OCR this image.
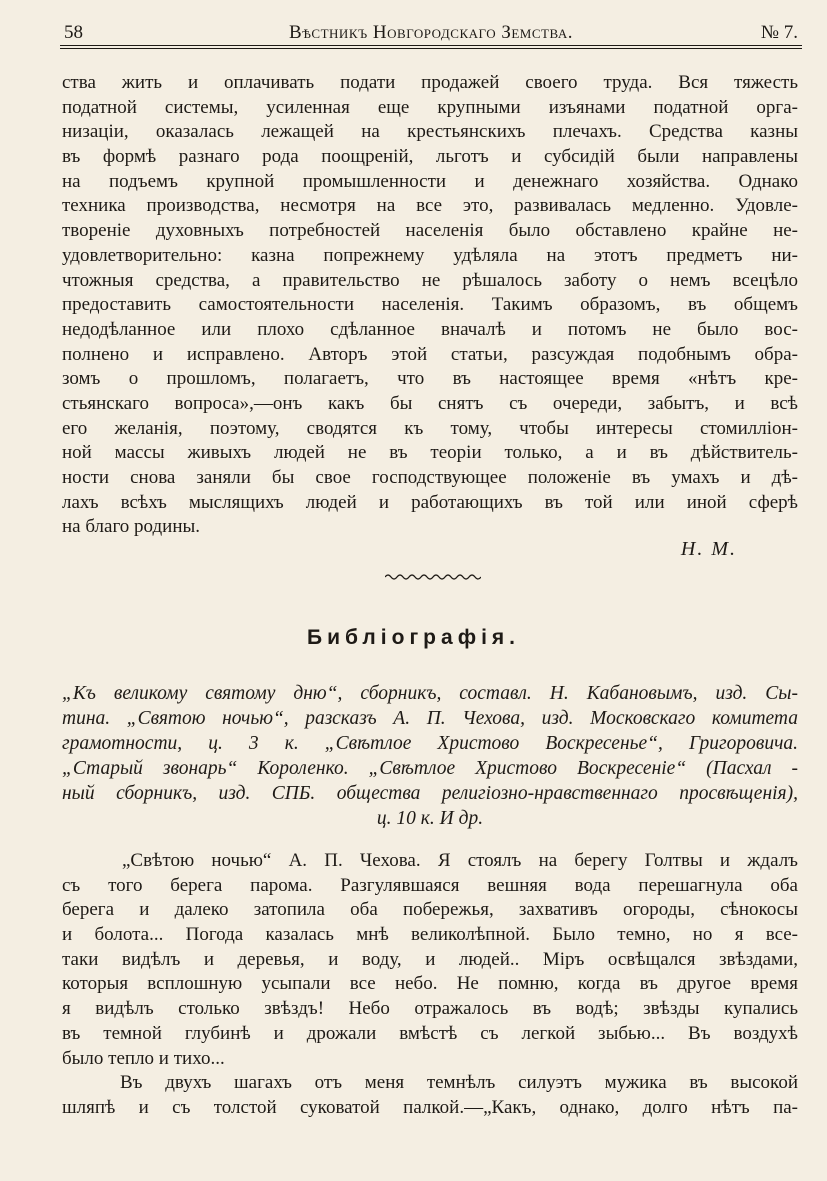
58	Вѣстникъ Новгородскаго Земства.	№ 7.
ства жить и оплачивать подати продажей своего труда. Вся тяжесть
податной системы, усиленная еще крупными изъянами податной орга-
низацiи, оказалась лежащей на крестьянскихъ плечахъ. Средства казны
въ формѣ разнаго рода поощренiй, льготъ и субсидiй были направлены
на подъемъ крупной промышленности и денежнаго хозяйства. Однако
техника производства, несмотря на все это, развивалась медленно. Удовле-
творенiе духовныхъ потребностей населенiя было обставлено крайне не-
удовлетворительно: казна попрежнему удѣляла на этотъ предметъ ни-
чтожныя средства, а правительство не рѣшалось заботу о немъ всецѣло
предоставить самостоятельности населенiя. Такимъ образомъ, въ общемъ
недодѣланное или плохо сдѣланное вначалѣ и потомъ не было вос-
полнено и исправлено. Авторъ этой статьи, разсуждая подобнымъ обра-
зомъ о прошломъ, полагаетъ, что въ настоящее время «нѣтъ кре-
стьянскаго вопроса»,—онъ какъ бы снятъ съ очереди, забытъ, и всѣ
его желанiя, поэтому, сводятся къ тому, чтобы интересы стомиллiон-
ной массы живыхъ людей не въ теорiи только, а и въ дѣйствитель-
ности снова заняли бы свое господствующее положенiе въ умахъ и дѣ-
лахъ всѣхъ мыслящихъ людей и работающихъ въ той или иной сферѣ
на благо родины.
Н. М.
Библiографiя.
„Къ великому святому дню“, сборникъ, составл. Н. Кабановымъ, изд. Сы-
тина. „Святою ночью“, разсказъ А. П. Чехова, изд. Московскаго комитета
грамотности, ц. 3 к. „Свѣтлое Христово Воскресенье“, Григоровича.
„Старый звонарь“ Короленко. „Свѣтлое Христово Воскресенiе“ (Пасхал -
ный сборникъ, изд. СПБ. общества религiозно-нравственнаго просвѣщенiя),
ц. 10 к. И др.
„Свѣтою ночью“ А. П. Чехова. Я стоялъ на берегу Голтвы и ждалъ
съ того берега парома. Разгулявшаяся вешняя вода перешагнула оба
берега и далеко затопила оба побережья, захвативъ огороды, сѣнокосы
и болота... Погода казалась мнѣ великолѣпной. Было темно, но я все-
таки видѣлъ и деревья, и воду, и людей.. Мiръ освѣщался звѣздами,
которыя всплошную усыпали все небо. Не помню, когда въ другое время
я видѣлъ столько звѣздъ! Небо отражалось въ водѣ; звѣзды купались
въ темной глубинѣ и дрожали вмѣстѣ съ легкой зыбью... Въ воздухѣ
было тепло и тихо...
Въ двухъ шагахъ отъ меня темнѣлъ силуэтъ мужика въ высокой
шляпѣ и съ толстой суковатой палкой.—„Какъ, однако, долго нѣтъ па-
